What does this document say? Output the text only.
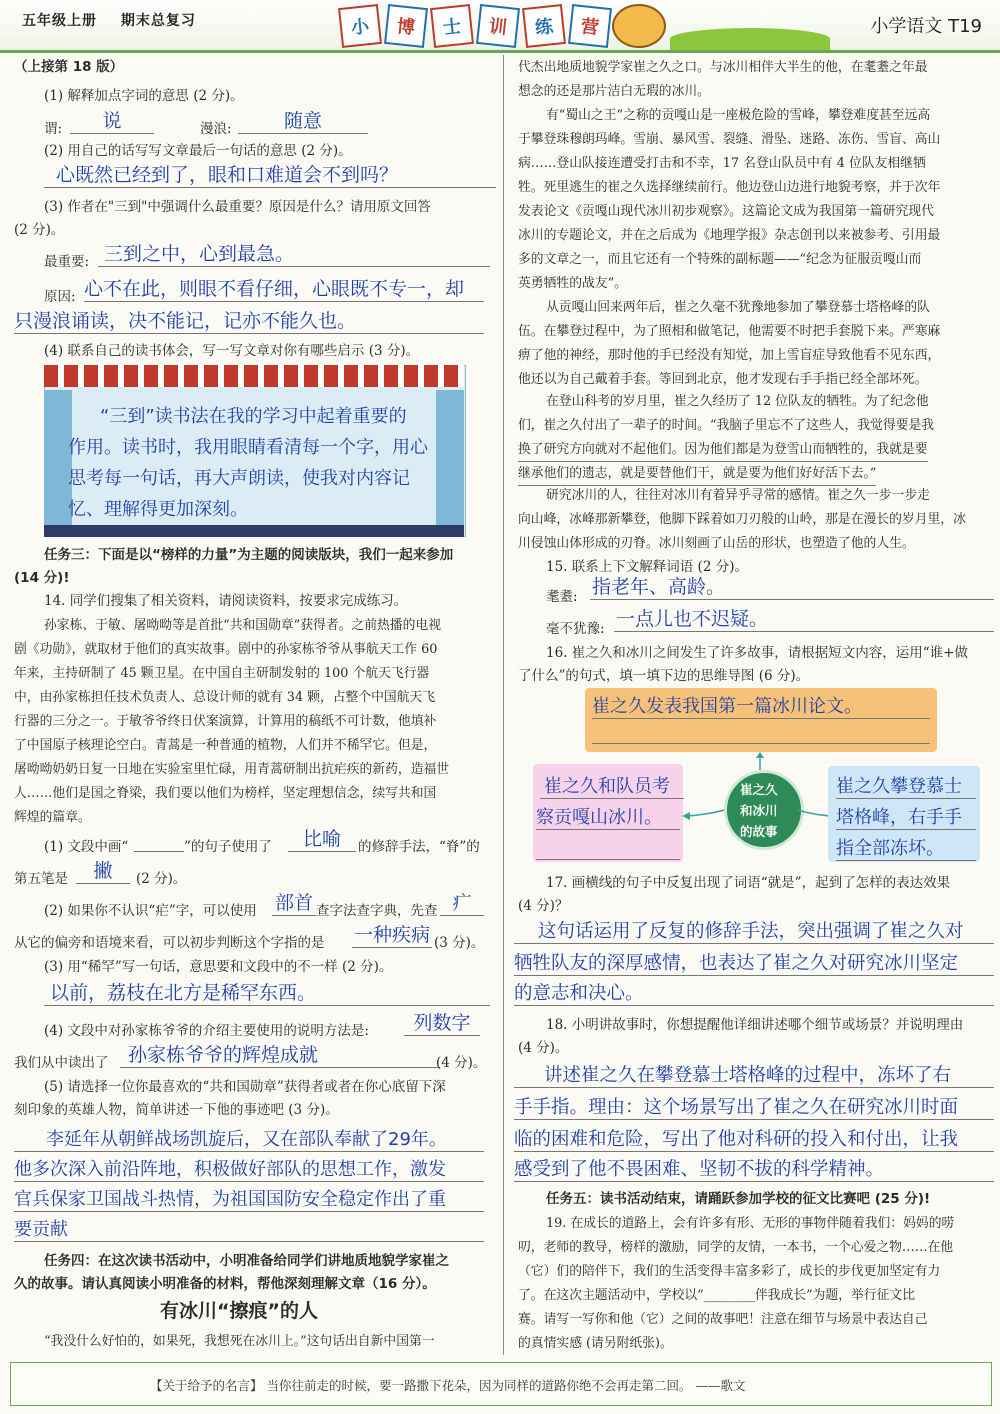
五年级上册 期末总复习	小	博	士	训	练	营	小学语文 T19
（上接第 18 版）
(1) 解释加点字词的意思 (2 分)。
谓:	说	漫浪:	随意
(2) 用自己的话写写文章最后一句话的意思 (2 分)。
心既然已经到了，眼和口难道会不到吗？
(3) 作者在"三到"中强调什么最重要？原因是什么？请用原文回答
(2 分)。
最重要: 三到之中，心到最急。
原因: 心不在此，则眼不看仔细，心眼既不专一，却
只漫浪诵读，决不能记，记亦不能久也。
(4) 联系自己的读书体会，写一写文章对你有哪些启示 (3 分)。
“三到”读书法在我的学习中起着重要的
作用。读书时，我用眼睛看清每一个字，用心
思考每一句话，再大声朗读，使我对内容记
忆、理解得更加深刻。
任务三：下面是以“榜样的力量”为主题的阅读版块，我们一起来参加
(14 分)!
14. 同学们搜集了相关资料，请阅读资料，按要求完成练习。
孙家栋、于敏、屠呦呦等是首批“共和国勋章”获得者。之前热播的电视
剧《功勋》，就取材于他们的真实故事。剧中的孙家栋爷爷从事航天工作 60
年来，主持研制了 45 颗卫星。在中国自主研制发射的 100 个航天飞行器
中，由孙家栋担任技术负责人、总设计师的就有 34 颗，占整个中国航天飞
行器的三分之一。于敏爷爷终日伏案演算，计算用的稿纸不可计数，他填补
了中国原子核理论空白。青蒿是一种普通的植物，人们并不稀罕它。但是，
屠呦呦奶奶日复一日地在实验室里忙碌，用青蒿研制出抗疟疾的新药，造福世
人……他们是国之脊梁，我们要以他们为榜样，坚定理想信念，续写共和国
辉煌的篇章。
(1) 文段中画“	”的句子使用了	比喻	的修辞手法，“脊”的
第五笔是	撇	(2 分)。
(2) 如果你不认识“疟”字，可以使用 部首 查字法查字典，先查 疒
从它的偏旁和语境来看，可以初步判断这个字指的是 一种疾病 (3 分)。
(3) 用“稀罕”写一句话，意思要和文段中的不一样 (2 分)。
以前，荔枝在北方是稀罕东西。
(4) 文段中对孙家栋爷爷的介绍主要使用的说明方法是:	列数字
我们从中读出了	孙家栋爷爷的辉煌成就	(4 分)。
(5) 请选择一位你最喜欢的“共和国勋章”获得者或者在你心底留下深
刻印象的英雄人物，简单讲述一下他的事迹吧 (3 分)。
李延年从朝鲜战场凯旋后，又在部队奉献了29年。
他多次深入前沿阵地，积极做好部队的思想工作，激发
官兵保家卫国战斗热情，为祖国国防安全稳定作出了重
要贡献
任务四：在这次读书活动中，小明准备给同学们讲地质地貌学家崔之
久的故事。请认真阅读小明准备的材料，帮他深刻理解文章（16 分）。
有冰川“擦痕”的人
“我没什么好怕的，如果死，我想死在冰川上。”这句话出自新中国第一
代杰出地质地貌学家崔之久之口。与冰川相伴大半生的他，在耄耋之年最
想念的还是那片洁白无瑕的冰川。
有“蜀山之王”之称的贡嘎山是一座极危险的雪峰，攀登难度甚至远高
于攀登珠穆朗玛峰。雪崩、暴风雪、裂缝、滑坠、迷路、冻伤、雪盲、高山
病……登山队接连遭受打击和不幸，17 名登山队员中有 4 位队友相继牺
牲。死里逃生的崔之久选择继续前行。他边登山边进行地貌考察，并于次年
发表论文《贡嘎山现代冰川初步观察》。这篇论文成为我国第一篇研究现代
冰川的专题论文，并在之后成为《地理学报》杂志创刊以来被参考、引用最
多的文章之一，而且它还有一个特殊的副标题——“纪念为征服贡嘎山而
英勇牺牲的战友”。
从贡嘎山回来两年后，崔之久毫不犹豫地参加了攀登慕士塔格峰的队
伍。在攀登过程中，为了照相和做笔记，他需要不时把手套脱下来。严寒麻
痹了他的神经，那时他的手已经没有知觉，加上雪盲症导致他看不见东西，
他还以为自己戴着手套。等回到北京，他才发现右手手指已经全部坏死。
在登山科考的岁月里，崔之久经历了 12 位队友的牺牲。为了纪念他
们，崔之久付出了一辈子的时间。“我脑子里忘不了这些人，我觉得要是我
换了研究方向就对不起他们。因为他们都是为登雪山而牺牲的，我就是要
继承他们的遗志，就是要替他们干，就是要为他们好好活下去。”
研究冰川的人，往往对冰川有着异乎寻常的感情。崔之久一步一步走
向山峰，冰峰那新攀登，他脚下踩着如刀刃般的山岭，那是在漫长的岁月里，冰
川侵蚀山体形成的刃脊。冰川刻画了山岳的形状，也塑造了他的人生。
15. 联系上下文解释词语 (2 分)。
耄耋: 指老年、高龄。
毫不犹豫: 一点儿也不迟疑。
16. 崔之久和冰川之间发生了许多故事，请根据短文内容，运用“谁+做
了什么”的句式，填一填下边的思维导图 (6 分)。
崔之久发表我国第一篇冰川论文。
崔之久和队员考
察贡嘎山冰川。
崔之久
和冰川
的故事
崔之久攀登慕士
塔格峰，右手手
指全部冻坏。
17. 画横线的句子中反复出现了词语“就是”，起到了怎样的表达效果
(4 分)？
这句话运用了反复的修辞手法，突出强调了崔之久对
牺牲队友的深厚感情，也表达了崔之久对研究冰川坚定
的意志和决心。
18. 小明讲故事时，你想提醒他详细讲述哪个细节或场景？并说明理由
(4 分)。
讲述崔之久在攀登慕士塔格峰的过程中，冻坏了右
手手指。理由：这个场景写出了崔之久在研究冰川时面
临的困难和危险，写出了他对科研的投入和付出，让我
感受到了他不畏困难、坚韧不拔的科学精神。
任务五：读书活动结束，请踊跃参加学校的征文比赛吧 (25 分)!
19. 在成长的道路上，会有许多有形、无形的事物伴随着我们：妈妈的唠
叨，老师的教导，榜样的激励，同学的友情，一本书，一个心爱之物……在他
（它）们的陪伴下，我们的生活变得丰富多彩了，成长的步伐更加坚定有力
了。在这次主题活动中，学校以“________伴我成长”为题，举行征文比
赛。请写一写你和他（它）之间的故事吧！注意在细节与场景中表达自己
的真情实感 (请另附纸张)。
【关于给予的名言】 当你往前走的时候，要一路撒下花朵，因为同样的道路你绝不会再走第二回。 ——歌文
